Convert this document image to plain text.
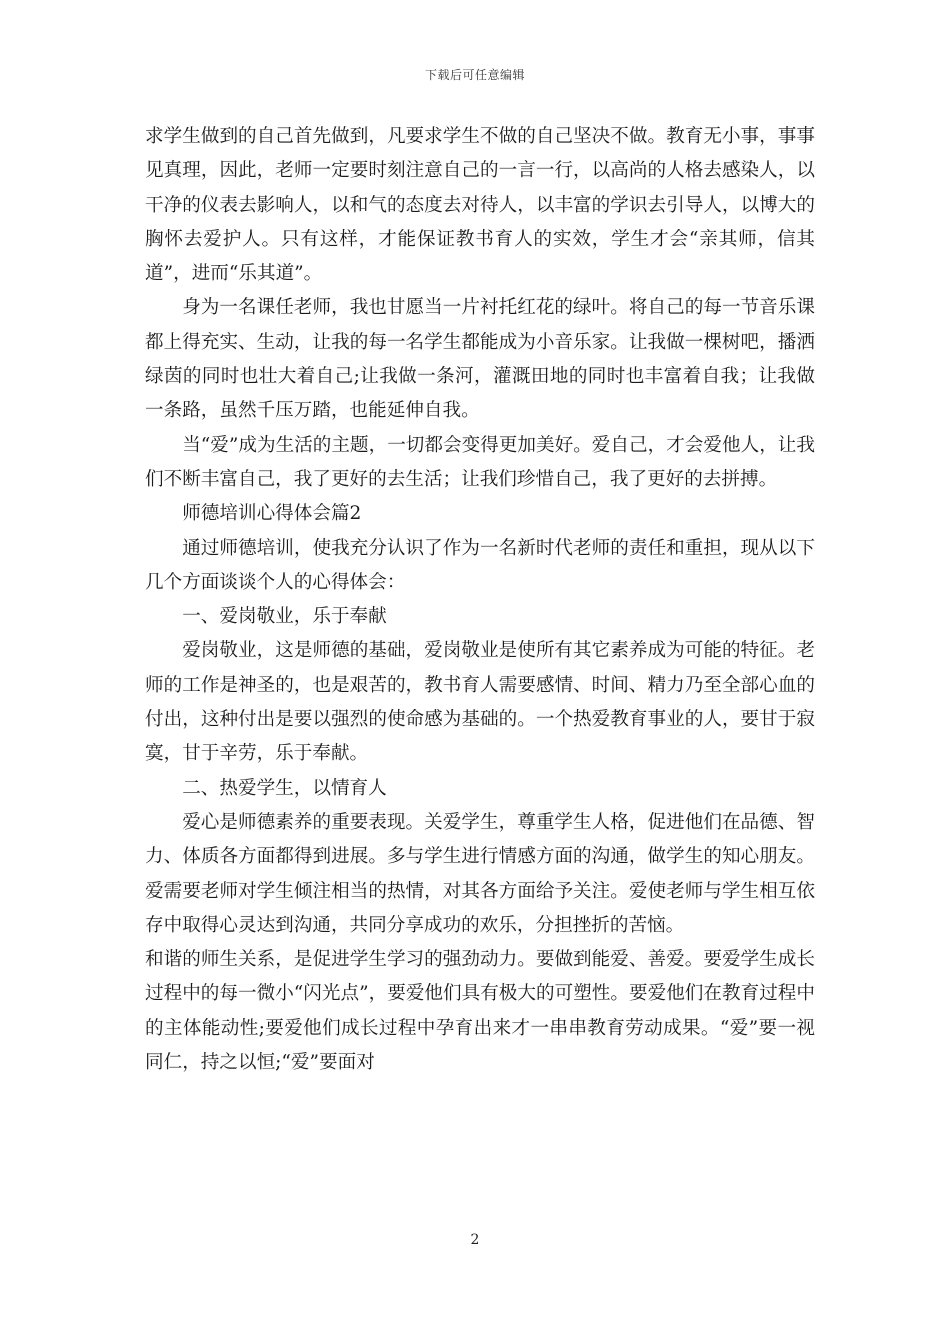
下载后可任意编辑

求学生做到的自己首先做到，凡要求学生不做的自己坚决不做。教育无小事，事事见真理，因此，老师一定要时刻注意自己的一言一行，以高尚的人格去感染人，以干净的仪表去影响人，以和气的态度去对待人，以丰富的学识去引导人，以博大的胸怀去爱护人。只有这样，才能保证教书育人的实效，学生才会“亲其师，信其道”，进而“乐其道”。

身为一名课任老师，我也甘愿当一片衬托红花的绿叶。将自己的每一节音乐课都上得充实、生动，让我的每一名学生都能成为小音乐家。让我做一棵树吧，播洒绿茵的同时也壮大着自己;让我做一条河，灌溉田地的同时也丰富着自我；让我做一条路，虽然千压万踏，也能延伸自我。

当“爱”成为生活的主题，一切都会变得更加美好。爱自己，才会爱他人，让我们不断丰富自己，我了更好的去生活；让我们珍惜自己，我了更好的去拼搏。

师德培训心得体会篇2

通过师德培训，使我充分认识了作为一名新时代老师的责任和重担，现从以下几个方面谈谈个人的心得体会：

一、爱岗敬业，乐于奉献

爱岗敬业，这是师德的基础，爱岗敬业是使所有其它素养成为可能的特征。老师的工作是神圣的，也是艰苦的，教书育人需要感情、时间、精力乃至全部心血的付出，这种付出是要以强烈的使命感为基础的。一个热爱教育事业的人，要甘于寂寞，甘于辛劳，乐于奉献。

二、热爱学生，以情育人

爱心是师德素养的重要表现。关爱学生，尊重学生人格，促进他们在品德、智力、体质各方面都得到进展。多与学生进行情感方面的沟通，做学生的知心朋友。爱需要老师对学生倾注相当的热情，对其各方面给予关注。爱使老师与学生相互依存中取得心灵达到沟通，共同分享成功的欢乐，分担挫折的苦恼。

和谐的师生关系，是促进学生学习的强劲动力。要做到能爱、善爱。要爱学生成长过程中的每一微小“闪光点”，要爱他们具有极大的可塑性。要爱他们在教育过程中的主体能动性;要爱他们成长过程中孕育出来才一串串教育劳动成果。“爱”要一视同仁，持之以恒;“爱”要面对

2
